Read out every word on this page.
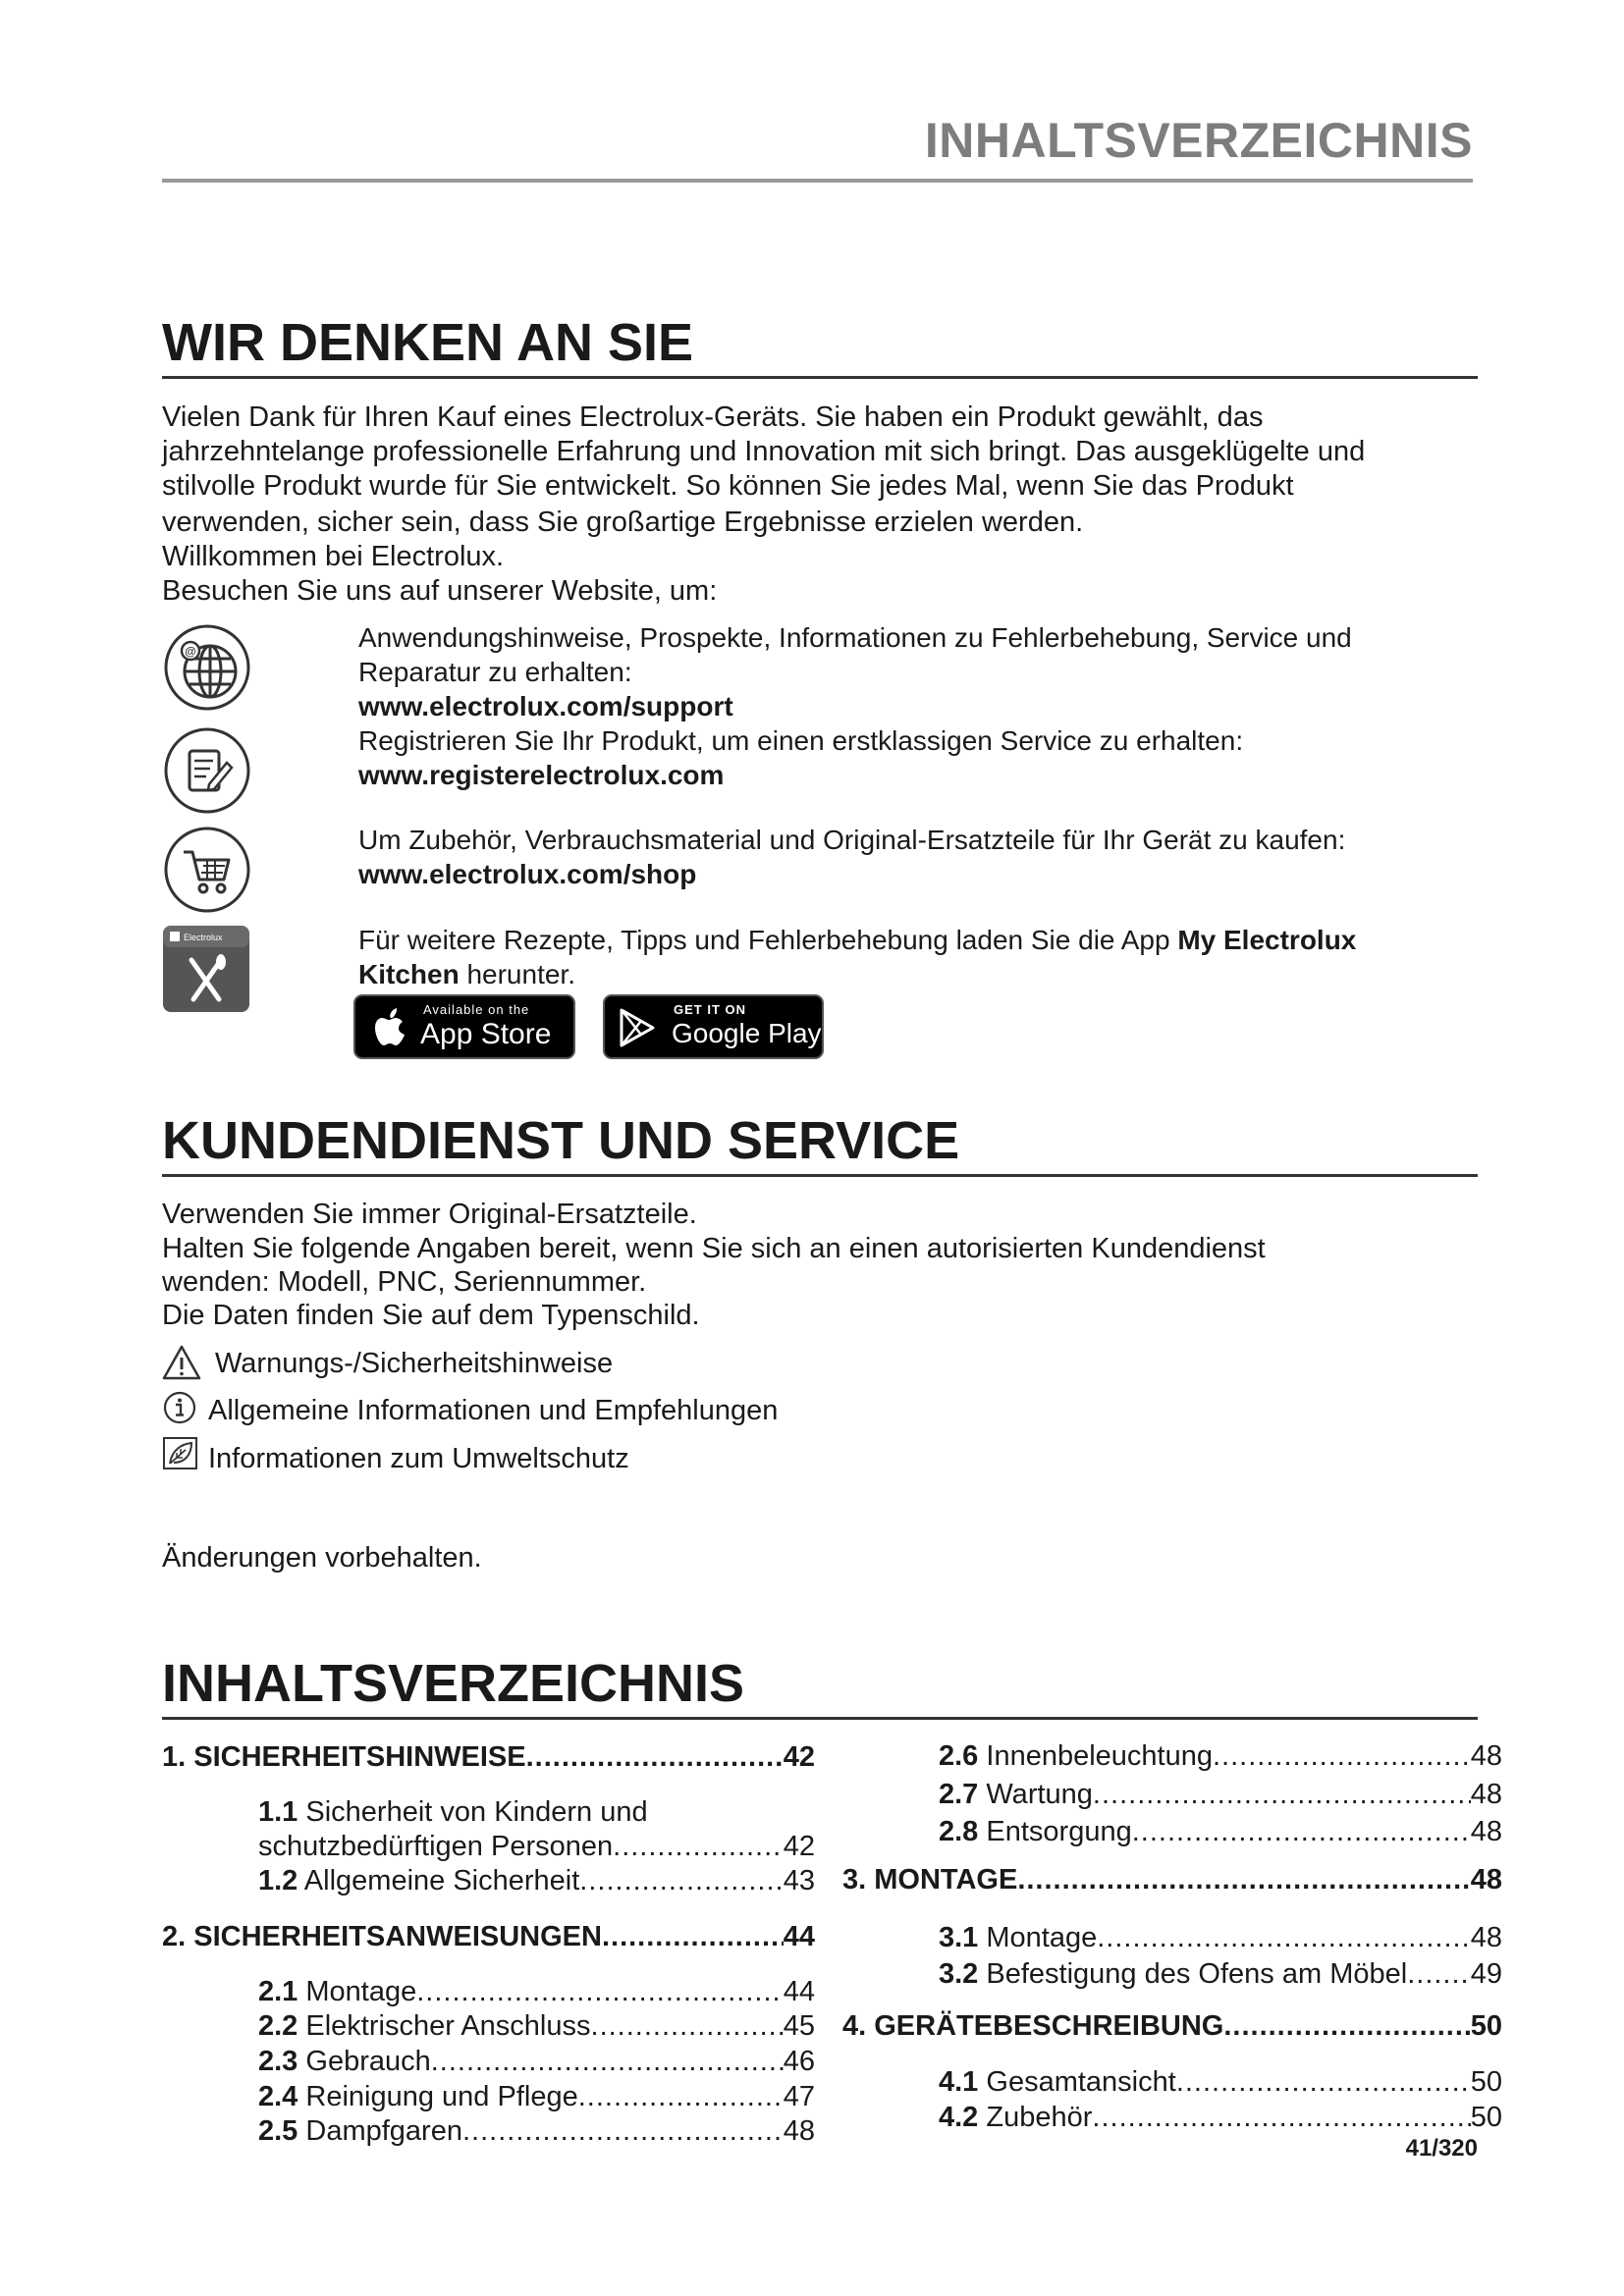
INHALTSVERZEICHNIS
WIR DENKEN AN SIE

Vielen Dank für Ihren Kauf eines Electrolux-Geräts. Sie haben ein Produkt gewählt, das

jahrzehntelange professionelle Erfahrung und Innovation mit sich bringt. Das ausgeklügelte und

stilvolle Produkt wurde für Sie entwickelt. So können Sie jedes Mal, wenn Sie das Produkt

verwenden, sicher sein, dass Sie großartige Ergebnisse erzielen werden.

Willkommen bei Electrolux.

Besuchen Sie uns auf unserer Website, um:

@	Anwendungshinweise, Prospekte, Informationen zu Fehlerbehebung, Service und
Reparatur zu erhalten:
www.electrolux.com/support
Registrieren Sie Ihr Produkt, um einen erstklassigen Service zu erhalten:
www.registerelectrolux.com
Um Zubehör, Verbrauchsmaterial und Original-Ersatzteile für Ihr Gerät zu kaufen:
www.electrolux.com/shop
Electrolux	Für weitere Rezepte, Tipps und Fehlerbehebung laden Sie die App My Electrolux
Kitchen herunter.
Available on the
App Store
GET IT ON
Google Play
KUNDENDIENST UND SERVICE

Verwenden Sie immer Original-Ersatzteile.

Halten Sie folgende Angaben bereit, wenn Sie sich an einen autorisierten Kundendienst

wenden: Modell, PNC, Seriennummer.

Die Daten finden Sie auf dem Typenschild.

Warnungs-/Sicherheitshinweise
Allgemeine Informationen und Empfehlungen
Informationen zum Umweltschutz

Änderungen vorbehalten.

INHALTSVERZEICHNIS
1. SICHERHEITSHINWEISE .....	42
1.1 Sicherheit von Kindern und
schutzbedürftigen Personen .....	42
1.2 Allgemeine Sicherheit .....	43
2. SICHERHEITSANWEISUNGEN .....	44
2.1 Montage .....	44
2.2 Elektrischer Anschluss .....	45
2.3 Gebrauch .....	46
2.4 Reinigung und Pflege .....	47
2.5 Dampfgaren .....	48
2.6 Innenbeleuchtung .....	48
2.7 Wartung .....	48
2.8 Entsorgung .....	48
3. MONTAGE .....	48
3.1 Montage .....	48
3.2 Befestigung des Ofens am Möbel ..... 49
4. GERÄTEBESCHREIBUNG .....	50
4.1 Gesamtansicht .....	50
4.2 Zubehör .....	50
41/320
